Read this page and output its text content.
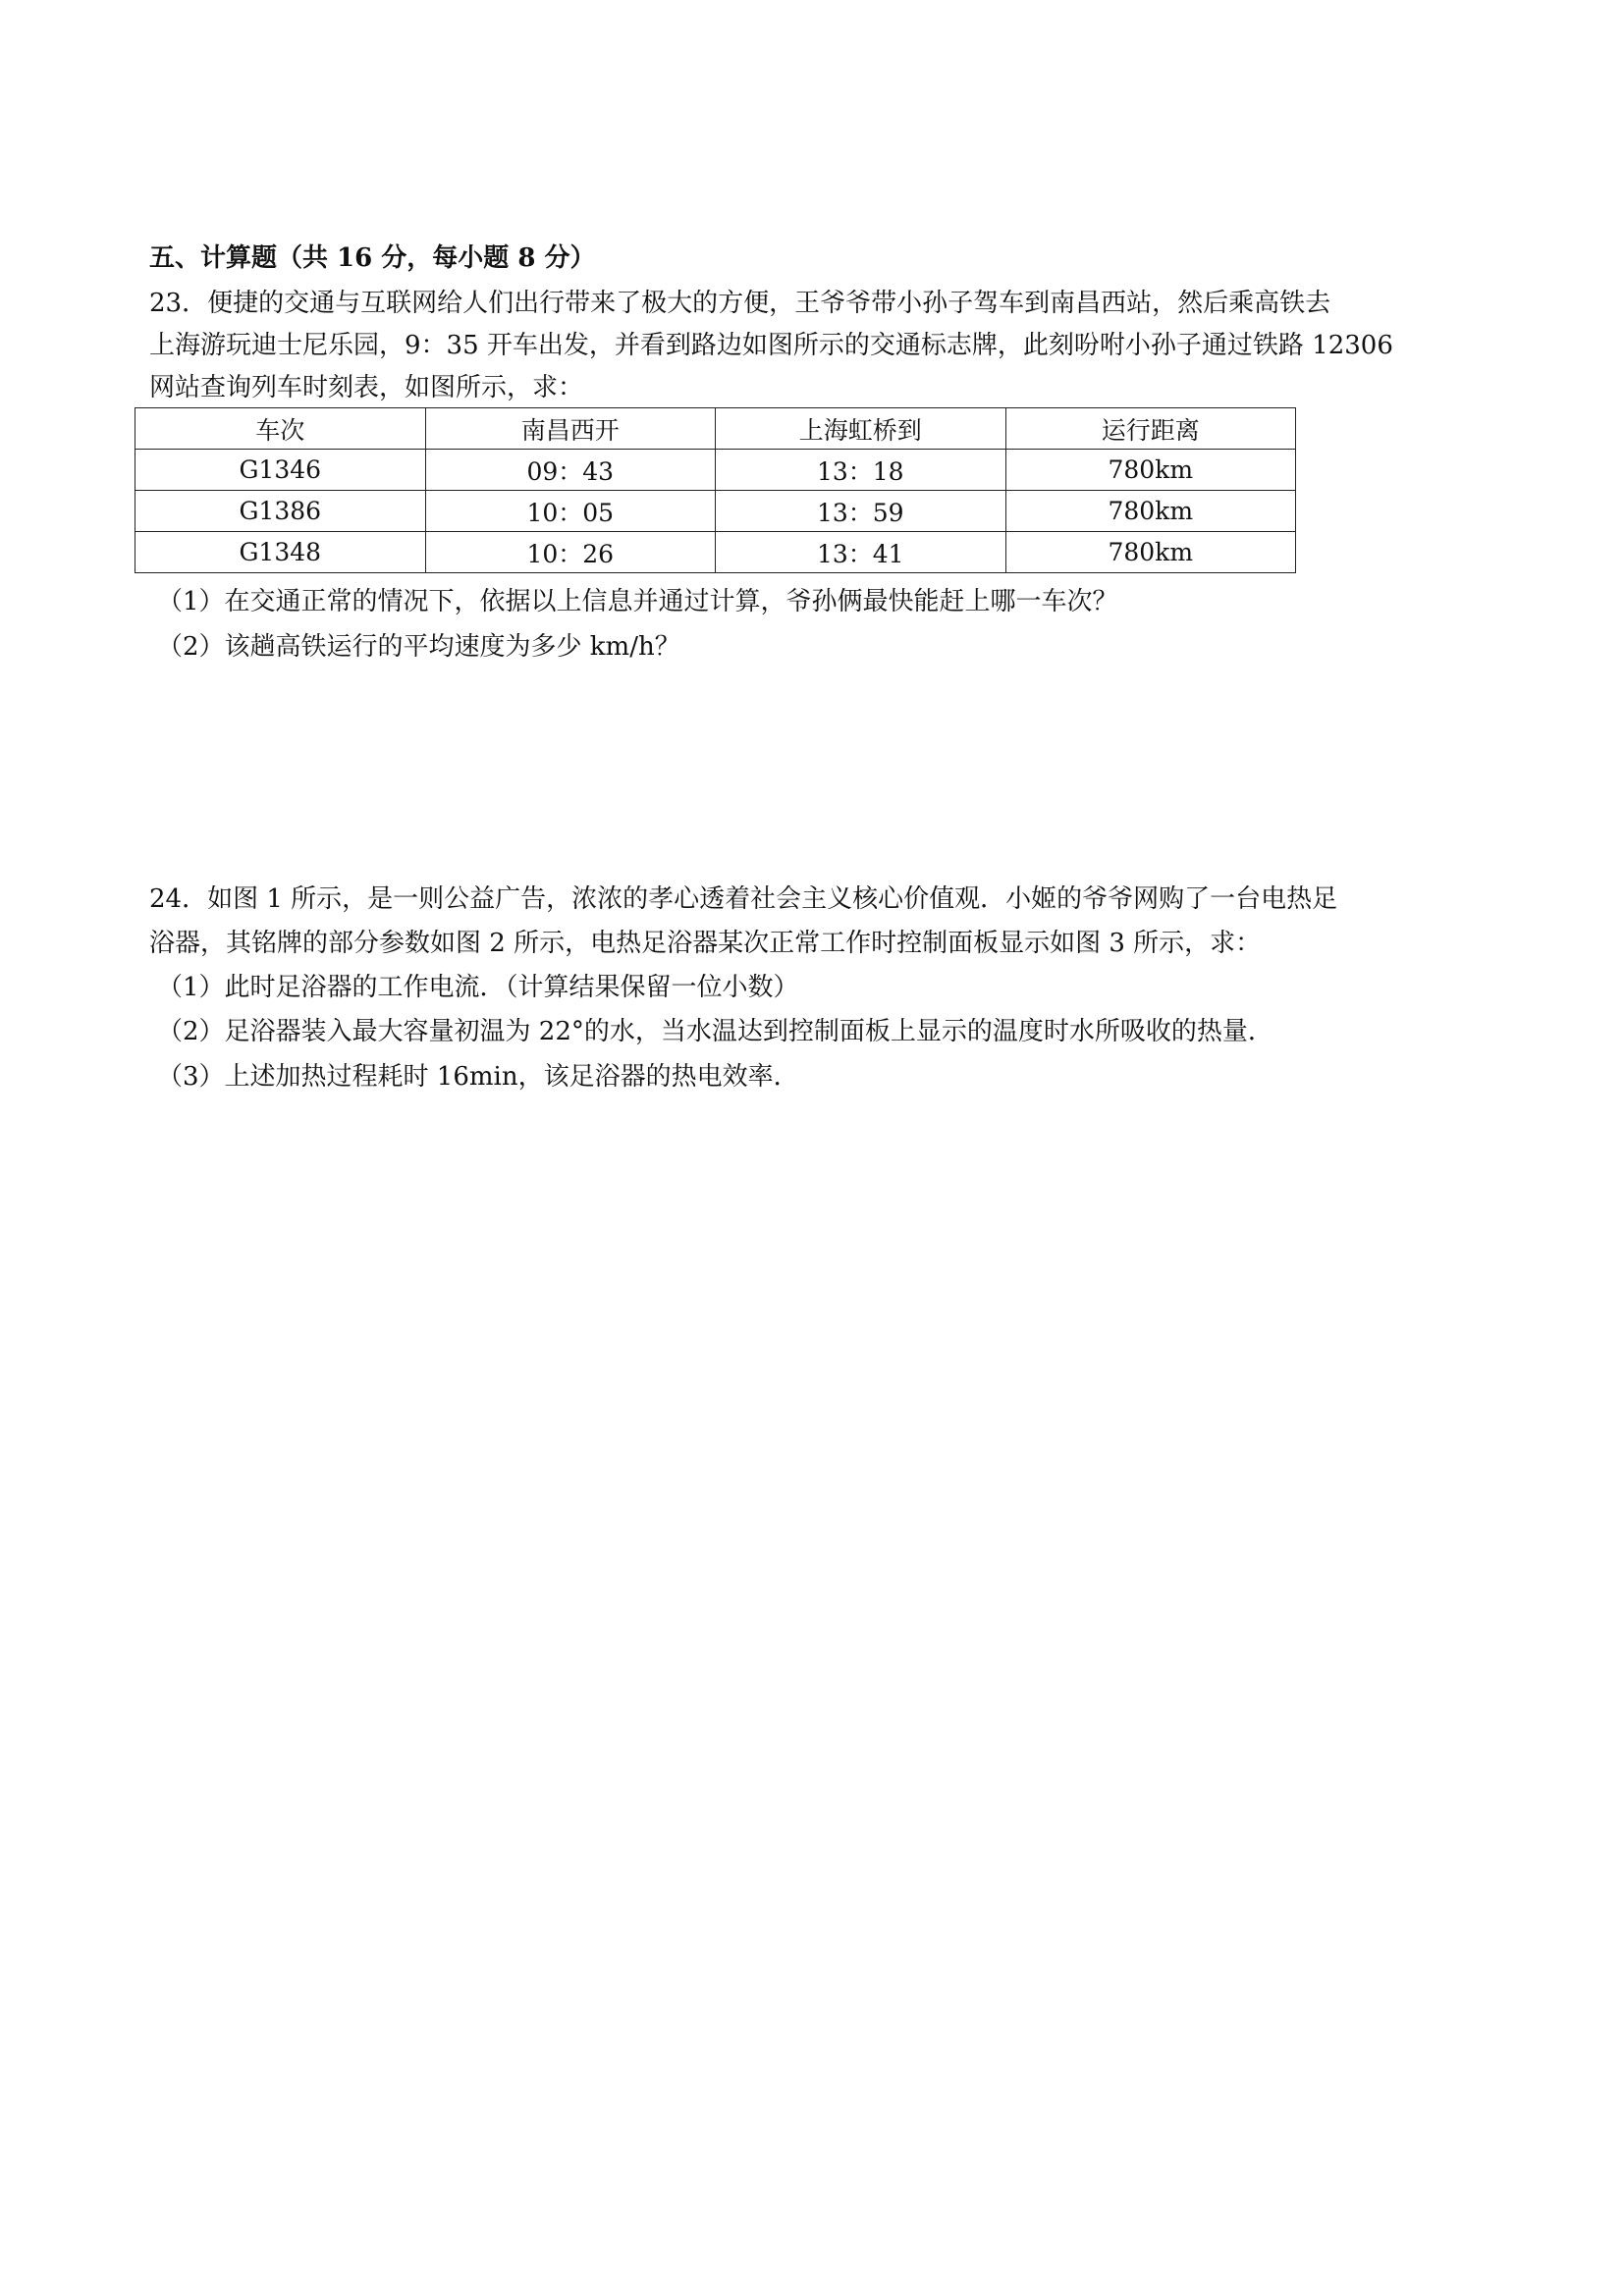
五、计算题（共 16 分，每小题 8 分）
23．便捷的交通与互联网给人们出行带来了极大的方便，王爷爷带小孙子驾车到南昌西站，然后乘高铁去
上海游玩迪士尼乐园，9：35 开车出发，并看到路边如图所示的交通标志牌，此刻吩咐小孙子通过铁路 12306
网站查询列车时刻表，如图所示，求：
车次	南昌西开	上海虹桥到	运行距离
G1346	09：43	13：18	780km
G1386	10：05	13：59	780km
G1348	10：26	13：41	780km
（1）在交通正常的情况下，依据以上信息并通过计算，爷孙俩最快能赶上哪一车次？
（2）该趟高铁运行的平均速度为多少 km/h？
24．如图 1 所示，是一则公益广告，浓浓的孝心透着社会主义核心价值观．小姬的爷爷网购了一台电热足
浴器，其铭牌的部分参数如图 2 所示，电热足浴器某次正常工作时控制面板显示如图 3 所示，求：
（1）此时足浴器的工作电流．（计算结果保留一位小数）
（2）足浴器装入最大容量初温为 22°的水，当水温达到控制面板上显示的温度时水所吸收的热量．
（3）上述加热过程耗时 16min，该足浴器的热电效率．
